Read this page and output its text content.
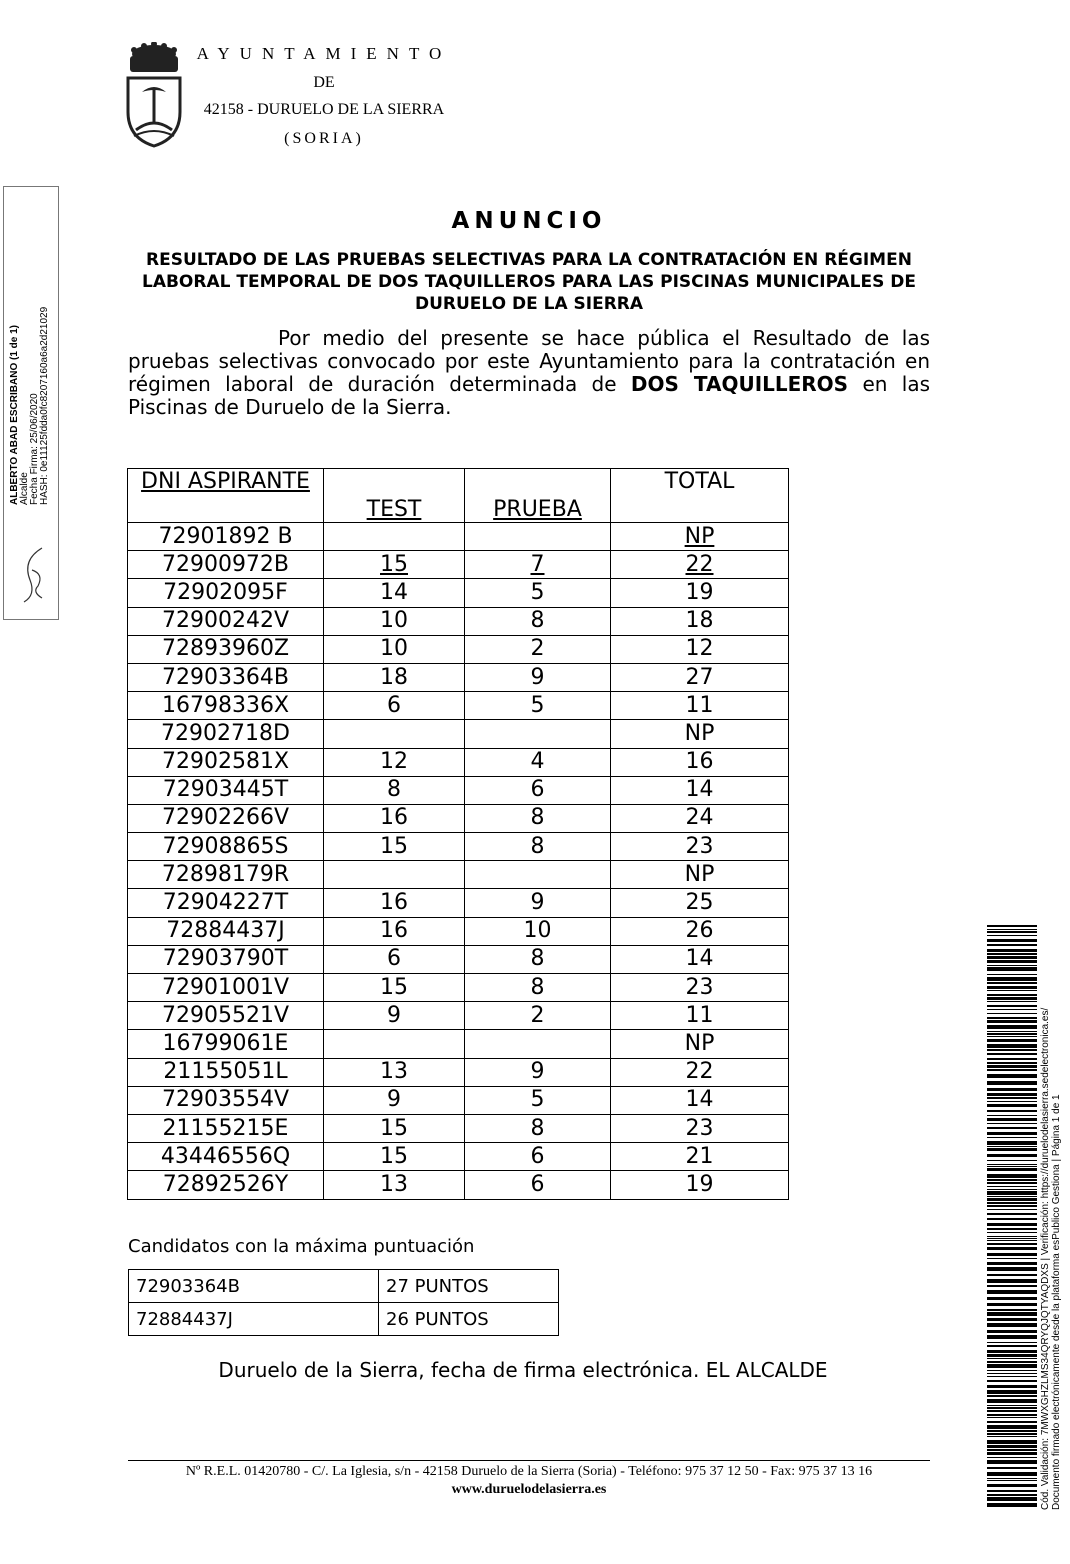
AYUNTAMIENTO
DE
42158 - DURUELO DE LA SIERRA
(SORIA)
ALBERTO ABAD ESCRIBANO (1 de 1) Alcalde Fecha Firma: 25/06/2020 HASH: 0e11125fdda0fc8207160a6a2d21029
ANUNCIO
RESULTADO DE LAS PRUEBAS SELECTIVAS PARA LA CONTRATACIÓN EN RÉGIMEN LABORAL TEMPORAL DE DOS TAQUILLEROS PARA LAS PISCINAS MUNICIPALES DE DURUELO DE LA SIERRA
Por medio del presente se hace pública el Resultado de las pruebas selectivas convocado por este Ayuntamiento para la contratación en régimen laboral de duración determinada de DOS TAQUILLEROS en las Piscinas de Duruelo de la Sierra.
DNI ASPIRANTE	TEST	PRUEBA	TOTAL
72901892 B			NP
72900972B	15	7	22
72902095F	14	5	19
72900242V	10	8	18
72893960Z	10	2	12
72903364B	18	9	27
16798336X	6	5	11
72902718D			NP
72902581X	12	4	16
72903445T	8	6	14
72902266V	16	8	24
72908865S	15	8	23
72898179R			NP
72904227T	16	9	25
72884437J	16	10	26
72903790T	6	8	14
72901001V	15	8	23
72905521V	9	2	11
16799061E			NP
21155051L	13	9	22
72903554V	9	5	14
21155215E	15	8	23
43446556Q	15	6	21
72892526Y	13	6	19
Candidatos con la máxima puntuación
72903364B	27 PUNTOS
72884437J	26 PUNTOS
Duruelo de la Sierra, fecha de firma electrónica. EL ALCALDE
Nº R.E.L. 01420780 - C/. La Iglesia, s/n - 42158 Duruelo de la Sierra (Soria) - Teléfono: 975 37 12 50 - Fax: 975 37 13 16
www.duruelodelasierra.es	Cód. Validación: 7MWXGHZLMS34QRYQJQTYAQDXS | Verificación: https://duruelodelasierra.sedelectronica.es/ Documento firmado electrónicamente desde la plataforma esPublico Gestiona | Página 1 de 1
